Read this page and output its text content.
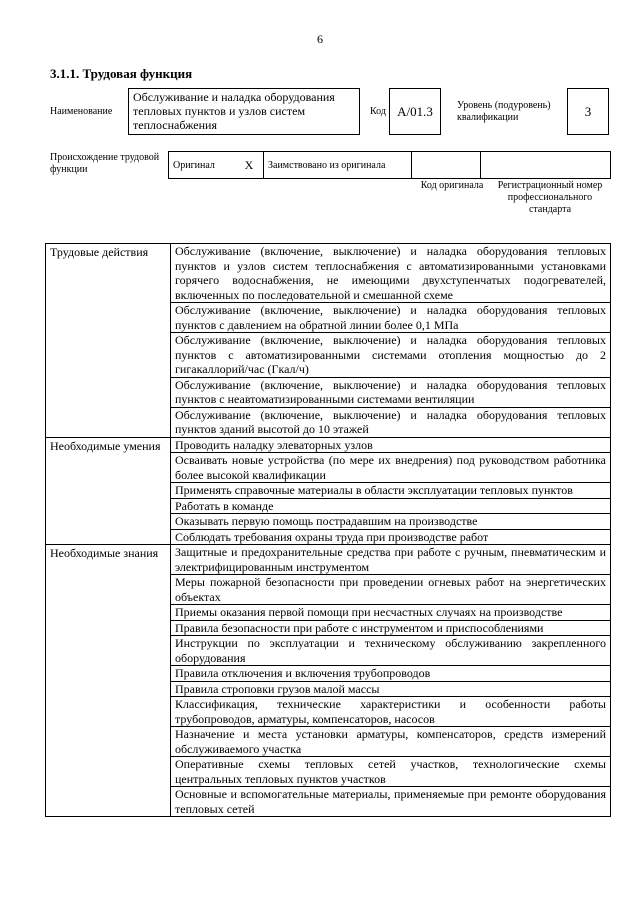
6
3.1.1. Трудовая функция
Наименование
Обслуживание и наладка оборудования тепловых пунктов и узлов систем теплоснабжения
Код A/01.3	Уровень (подуровень) квалификации	3
Происхождение трудовой функции	Оригинал	X	Заимствовано из оригинала		
Код оригинала	Регистрационный номер профессионального стандарта
Трудовые действия	Обслуживание (включение, выключение) и наладка оборудования тепловых пунктов и узлов систем теплоснабжения с автоматизированными установками горячего водоснабжения, не имеющими двухступенчатых подогревателей, включенных по последовательной и смешанной схеме
	Обслуживание (включение, выключение) и наладка оборудования тепловых пунктов с давлением на обратной линии более 0,1 МПа
	Обслуживание (включение, выключение) и наладка оборудования тепловых пунктов с автоматизированными системами отопления мощностью до 2 гигакаллорий/час (Гкал/ч)
	Обслуживание (включение, выключение) и наладка оборудования тепловых пунктов с неавтоматизированными системами вентиляции
	Обслуживание (включение, выключение) и наладка оборудования тепловых пунктов зданий высотой до 10 этажей
Необходимые умения	Проводить наладку элеваторных узлов
	Осваивать новые устройства (по мере их внедрения) под руководством работника более высокой квалификации
	Применять справочные материалы в области эксплуатации тепловых пунктов
	Работать в команде
	Оказывать первую помощь пострадавшим на производстве
	Соблюдать требования охраны труда при производстве работ
Необходимые знания	Защитные и предохранительные средства при работе с ручным, пневматическим и электрифицированным инструментом
	Меры пожарной безопасности при проведении огневых работ на энергетических объектах
	Приемы оказания первой помощи при несчастных случаях на производстве
	Правила безопасности при работе с инструментом и приспособлениями
	Инструкции по эксплуатации и техническому обслуживанию закрепленного оборудования
	Правила отключения и включения трубопроводов
	Правила строповки грузов малой массы
	Классификация, технические характеристики и особенности работы трубопроводов, арматуры, компенсаторов, насосов
	Назначение и места установки арматуры, компенсаторов, средств измерений обслуживаемого участка
	Оперативные схемы тепловых сетей участков, технологические схемы центральных тепловых пунктов участков
	Основные и вспомогательные материалы, применяемые при ремонте оборудования тепловых сетей
